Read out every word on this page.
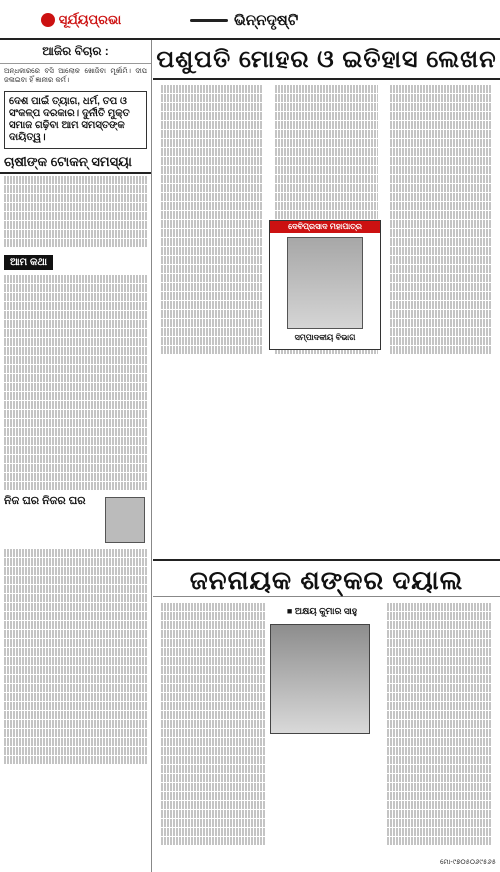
ସୂର୍ଯ୍ୟପ୍ରଭା	ଭିନ୍ନଦୃଷ୍ଟି
ଆଜିର ବିଚାର :
ଅନ୍ଧକାରରେ ବସି ଆଲୋକ ଖୋଜିବା ମୂର୍ଖାମି। ଦୀପ ଜଳାଇବା ହିଁ ଜ୍ଞାନୀର କର୍ମ।
ଦେଶ ପାଇଁ ତ୍ୟାଗ, ଧର୍ମ, ତପ ଓ ସଂକଳ୍ପ ଦରକାର। ଦୁର୍ନୀତି ମୁକ୍ତ ସମାଜ ଗଢ଼ିବା ଆମ ସମସ୍ତଙ୍କ ଦାୟିତ୍ୱ।
ଚାଷୀଙ୍କ ଟୋକନ୍ ସମସ୍ୟା
ଆମ କଥା
ନିଜ ଘର ନିଜର ଘର
ପଶୁପତି ମୋହର ଓ ଇତିହାସ ଲେଖନ
ଦେବିପ୍ରସାଦ ମହାପାତ୍ର
ସମ୍ପାଦକୀୟ ବିଭାଗ
ଜନନାୟକ ଶଙ୍କର ଦୟାଲ
■ ଅକ୍ଷୟ କୁମାର ସାହୁ
ମୋ-୯୭୦୫୦୬୯୫୬୫
